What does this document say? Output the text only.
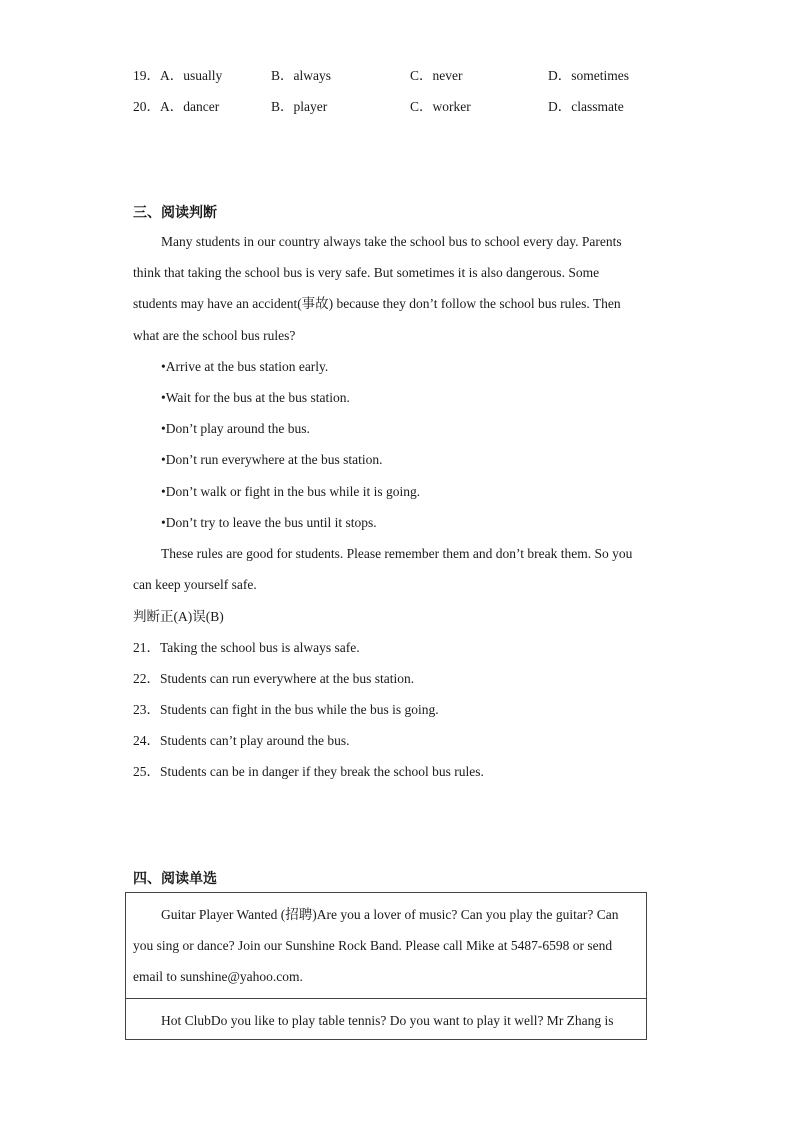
19． A．usually	B．always	C．never	D．sometimes
20． A．dancer	B．player	C．worker	D．classmate
三、阅读判断
Many students in our country always take the school bus to school every day. Parents
think that taking the school bus is very safe. But sometimes it is also dangerous. Some
students may have an accident(事故) because they don’t follow the school bus rules. Then
what are the school bus rules?
•Arrive at the bus station early.
•Wait for the bus at the bus station.
•Don’t play around the bus.
•Don’t run everywhere at the bus station.
•Don’t walk or fight in the bus while it is going.
•Don’t try to leave the bus until it stops.
These rules are good for students. Please remember them and don’t break them. So you
can keep yourself safe.
判断正(A)误(B)
21．Taking the school bus is always safe.
22．Students can run everywhere at the bus station.
23．Students can fight in the bus while the bus is going.
24．Students can’t play around the bus.
25．Students can be in danger if they break the school bus rules.
四、阅读单选
Guitar Player Wanted (招聘)Are you a lover of music? Can you play the guitar? Can
you sing or dance? Join our Sunshine Rock Band. Please call Mike at 5487-6598 or send
email to sunshine@yahoo.com.
Hot ClubDo you like to play table tennis? Do you want to play it well? Mr Zhang is
